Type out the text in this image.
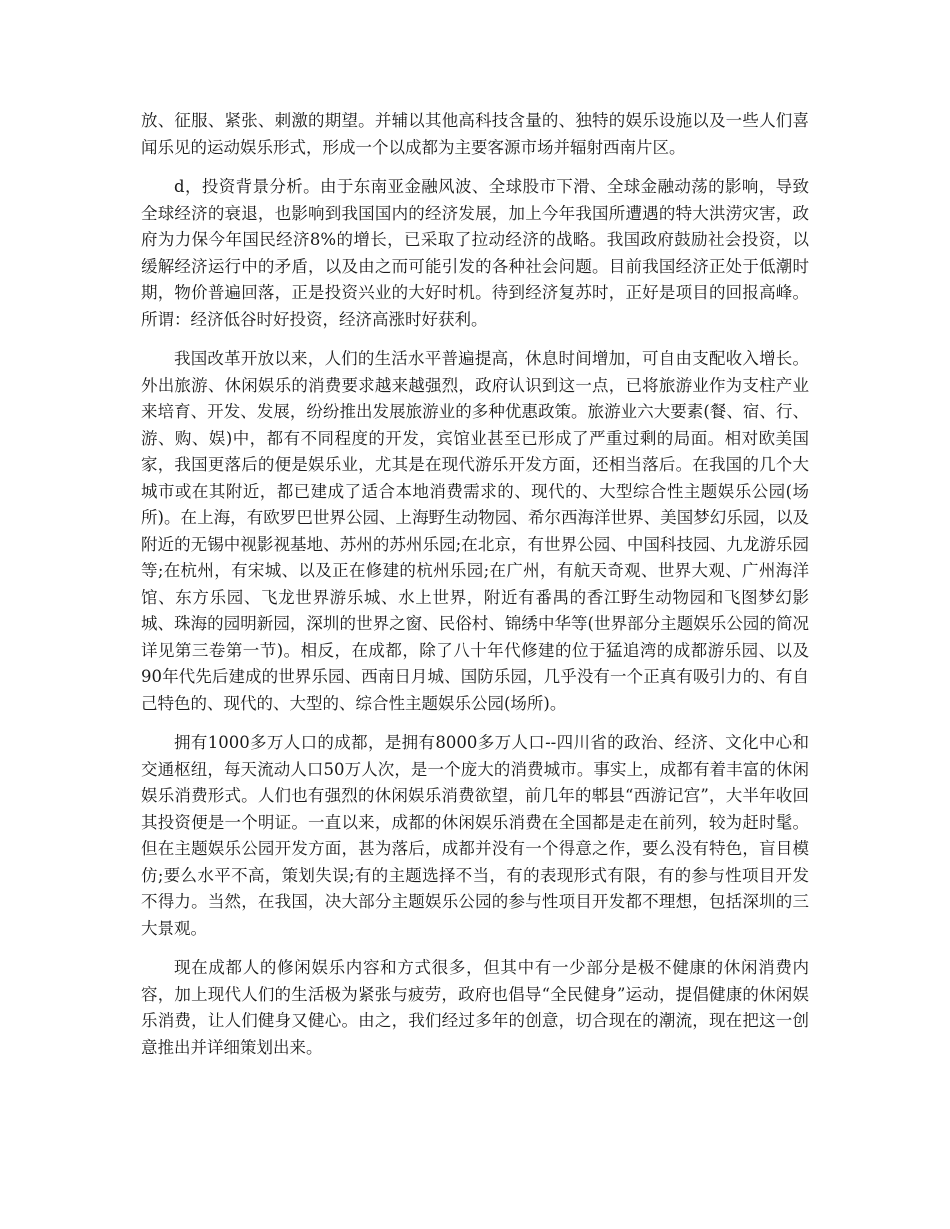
放、征服、紧张、刺激的期望。并辅以其他高科技含量的、独特的娱乐设施以及一些人们喜闻乐见的运动娱乐形式，形成一个以成都为主要客源市场并辐射西南片区。

d，投资背景分析。由于东南亚金融风波、全球股市下滑、全球金融动荡的影响，导致全球经济的衰退，也影响到我国国内的经济发展，加上今年我国所遭遇的特大洪涝灾害，政府为力保今年国民经济8%的增长，已采取了拉动经济的战略。我国政府鼓励社会投资，以缓解经济运行中的矛盾，以及由之而可能引发的各种社会问题。目前我国经济正处于低潮时期，物价普遍回落，正是投资兴业的大好时机。待到经济复苏时，正好是项目的回报高峰。所谓：经济低谷时好投资，经济高涨时好获利。

我国改革开放以来，人们的生活水平普遍提高，休息时间增加，可自由支配收入增长。外出旅游、休闲娱乐的消费要求越来越强烈，政府认识到这一点，已将旅游业作为支柱产业来培育、开发、发展，纷纷推出发展旅游业的多种优惠政策。旅游业六大要素(餐、宿、行、游、购、娱)中，都有不同程度的开发，宾馆业甚至已形成了严重过剩的局面。相对欧美国家，我国更落后的便是娱乐业，尤其是在现代游乐开发方面，还相当落后。在我国的几个大城市或在其附近，都已建成了适合本地消费需求的、现代的、大型综合性主题娱乐公园(场所)。在上海，有欧罗巴世界公园、上海野生动物园、希尔西海洋世界、美国梦幻乐园，以及附近的无锡中视影视基地、苏州的苏州乐园;在北京，有世界公园、中国科技园、九龙游乐园等;在杭州，有宋城、以及正在修建的杭州乐园;在广州，有航天奇观、世界大观、广州海洋馆、东方乐园、飞龙世界游乐城、水上世界，附近有番禺的香江野生动物园和飞图梦幻影城、珠海的园明新园，深圳的世界之窗、民俗村、锦绣中华等(世界部分主题娱乐公园的简况详见第三卷第一节)。相反，在成都，除了八十年代修建的位于猛追湾的成都游乐园、以及90年代先后建成的世界乐园、西南日月城、国防乐园，几乎没有一个正真有吸引力的、有自己特色的、现代的、大型的、综合性主题娱乐公园(场所)。

拥有1000多万人口的成都，是拥有8000多万人口--四川省的政治、经济、文化中心和交通枢纽，每天流动人口50万人次，是一个庞大的消费城市。事实上，成都有着丰富的休闲娱乐消费形式。人们也有强烈的休闲娱乐消费欲望，前几年的郫县“西游记宫”，大半年收回其投资便是一个明证。一直以来，成都的休闲娱乐消费在全国都是走在前列，较为赶时髦。但在主题娱乐公园开发方面，甚为落后，成都并没有一个得意之作，要么没有特色，盲目模仿;要么水平不高，策划失误;有的主题选择不当，有的表现形式有限，有的参与性项目开发不得力。当然，在我国，决大部分主题娱乐公园的参与性项目开发都不理想，包括深圳的三大景观。

现在成都人的修闲娱乐内容和方式很多，但其中有一少部分是极不健康的休闲消费内容，加上现代人们的生活极为紧张与疲劳，政府也倡导“全民健身”运动，提倡健康的休闲娱乐消费，让人们健身又健心。由之，我们经过多年的创意，切合现在的潮流，现在把这一创意推出并详细策划出来。
